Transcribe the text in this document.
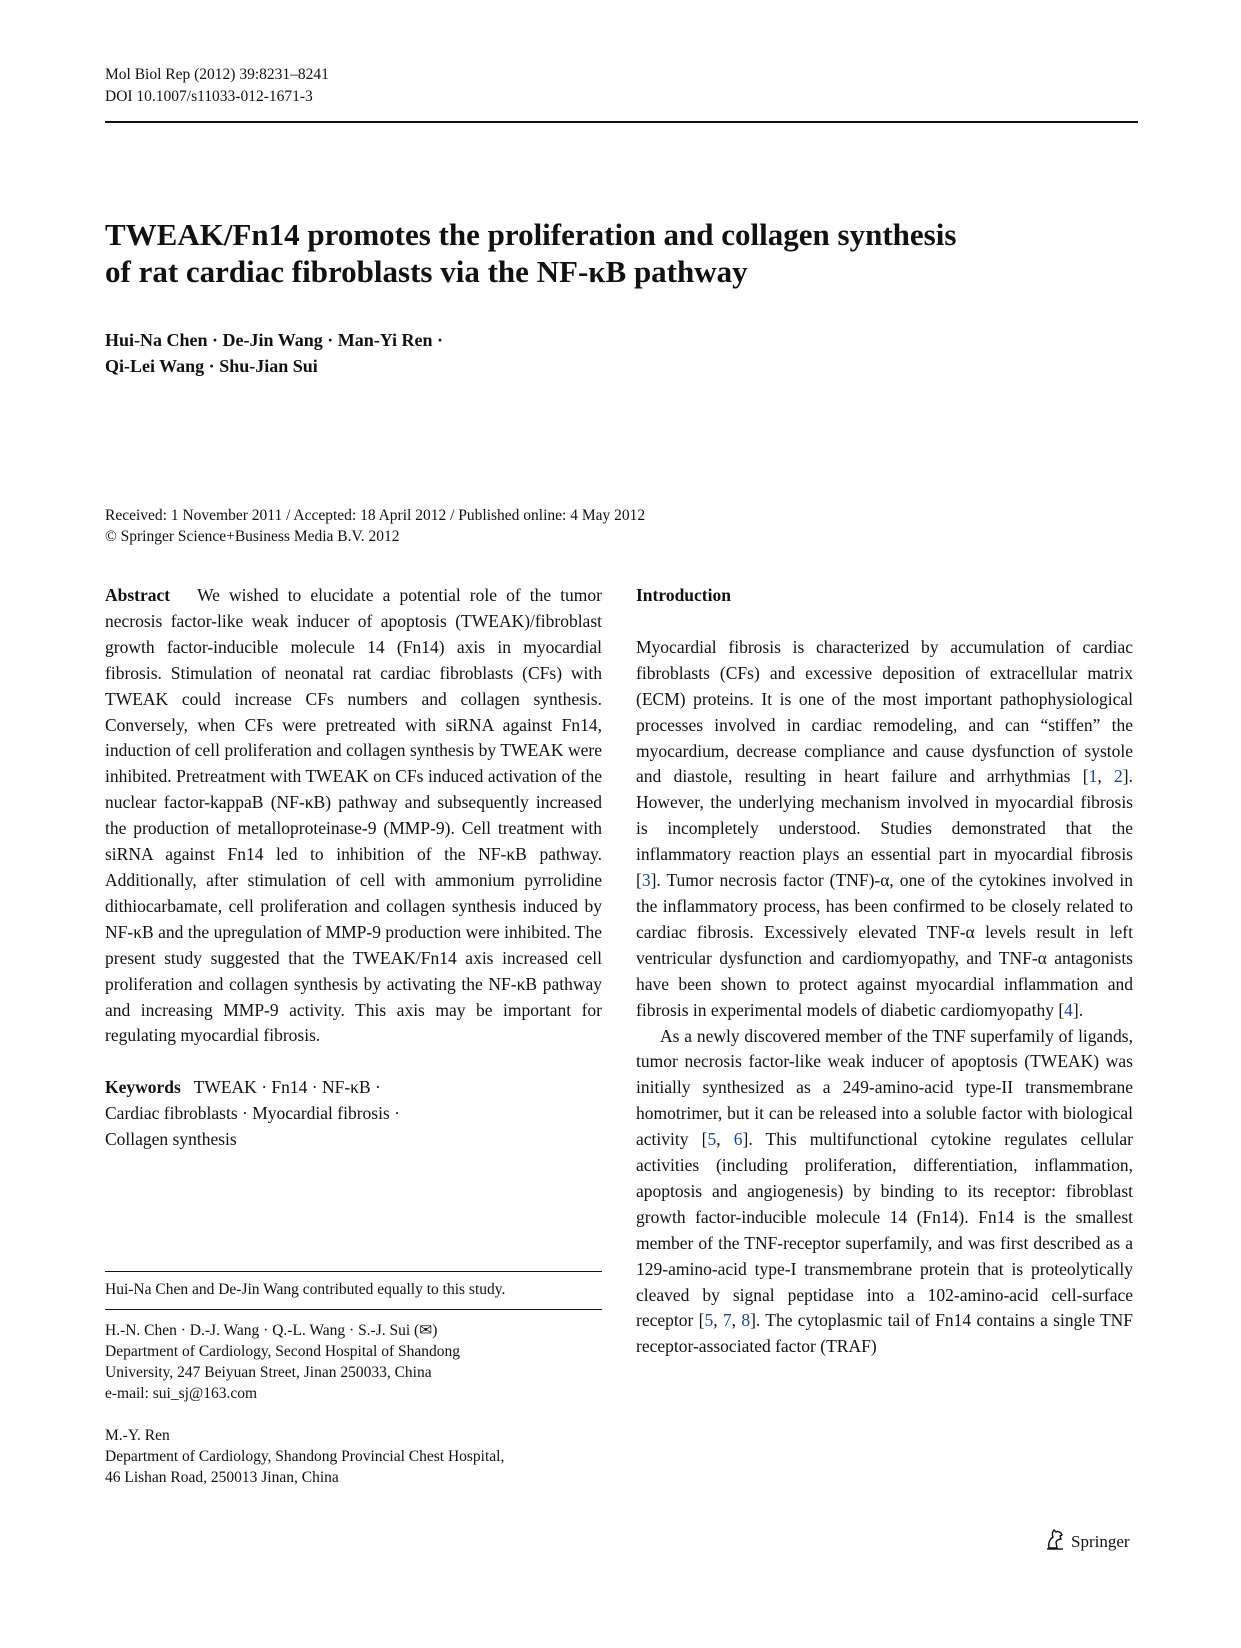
Mol Biol Rep (2012) 39:8231–8241
DOI 10.1007/s11033-012-1671-3
TWEAK/Fn14 promotes the proliferation and collagen synthesis
of rat cardiac fibroblasts via the NF-κB pathway
Hui-Na Chen · De-Jin Wang · Man-Yi Ren ·
Qi-Lei Wang · Shu-Jian Sui
Received: 1 November 2011 / Accepted: 18 April 2012 / Published online: 4 May 2012
© Springer Science+Business Media B.V. 2012

Abstract We wished to elucidate a potential role of the tumor necrosis factor-like weak inducer of apoptosis (TWEAK)/fibroblast growth factor-inducible molecule 14 (Fn14) axis in myocardial fibrosis. Stimulation of neonatal rat cardiac fibroblasts (CFs) with TWEAK could increase CFs numbers and collagen synthesis. Conversely, when CFs were pretreated with siRNA against Fn14, induction of cell proliferation and collagen synthesis by TWEAK were inhibited. Pretreatment with TWEAK on CFs induced activation of the nuclear factor-kappaB (NF-κB) pathway and subsequently increased the production of metalloproteinase-9 (MMP-9). Cell treatment with siRNA against Fn14 led to inhibition of the NF-κB pathway. Additionally, after stimulation of cell with ammonium pyrrolidine dithiocarbamate, cell proliferation and collagen synthesis induced by NF-κB and the upregulation of MMP-9 production were inhibited. The present study suggested that the TWEAK/Fn14 axis increased cell proliferation and collagen synthesis by activating the NF-κB pathway and increasing MMP-9 activity. This axis may be important for regulating myocardial fibrosis.

Keywords TWEAK · Fn14 · NF-κB · Cardiac fibroblasts · Myocardial fibrosis · Collagen synthesis

Hui-Na Chen and De-Jin Wang contributed equally to this study.
H.-N. Chen · D.-J. Wang · Q.-L. Wang · S.-J. Sui (✉)
Department of Cardiology, Second Hospital of Shandong
University, 247 Beiyuan Street, Jinan 250033, China
e-mail: sui_sj@163.com
M.-Y. Ren
Department of Cardiology, Shandong Provincial Chest Hospital,
46 Lishan Road, 250013 Jinan, China

Introduction

Myocardial fibrosis is characterized by accumulation of cardiac fibroblasts (CFs) and excessive deposition of extracellular matrix (ECM) proteins. It is one of the most important pathophysiological processes involved in cardiac remodeling, and can “stiffen” the myocardium, decrease compliance and cause dysfunction of systole and diastole, resulting in heart failure and arrhythmias [1, 2]. However, the underlying mechanism involved in myocardial fibrosis is incompletely understood. Studies demonstrated that the inflammatory reaction plays an essential part in myocardial fibrosis [3]. Tumor necrosis factor (TNF)-α, one of the cytokines involved in the inflammatory process, has been confirmed to be closely related to cardiac fibrosis. Excessively elevated TNF-α levels result in left ventricular dysfunction and cardiomyopathy, and TNF-α antagonists have been shown to protect against myocardial inflammation and fibrosis in experimental models of diabetic cardiomyopathy [4].

As a newly discovered member of the TNF superfamily of ligands, tumor necrosis factor-like weak inducer of apoptosis (TWEAK) was initially synthesized as a 249-amino-acid type-II transmembrane homotrimer, but it can be released into a soluble factor with biological activity [5, 6]. This multifunctional cytokine regulates cellular activities (including proliferation, differentiation, inflammation, apoptosis and angiogenesis) by binding to its receptor: fibroblast growth factor-inducible molecule 14 (Fn14). Fn14 is the smallest member of the TNF-receptor superfamily, and was first described as a 129-amino-acid type-I transmembrane protein that is proteolytically cleaved by signal peptidase into a 102-amino-acid cell-surface receptor [5, 7, 8]. The cytoplasmic tail of Fn14 contains a single TNF receptor-associated factor (TRAF)

Springer
